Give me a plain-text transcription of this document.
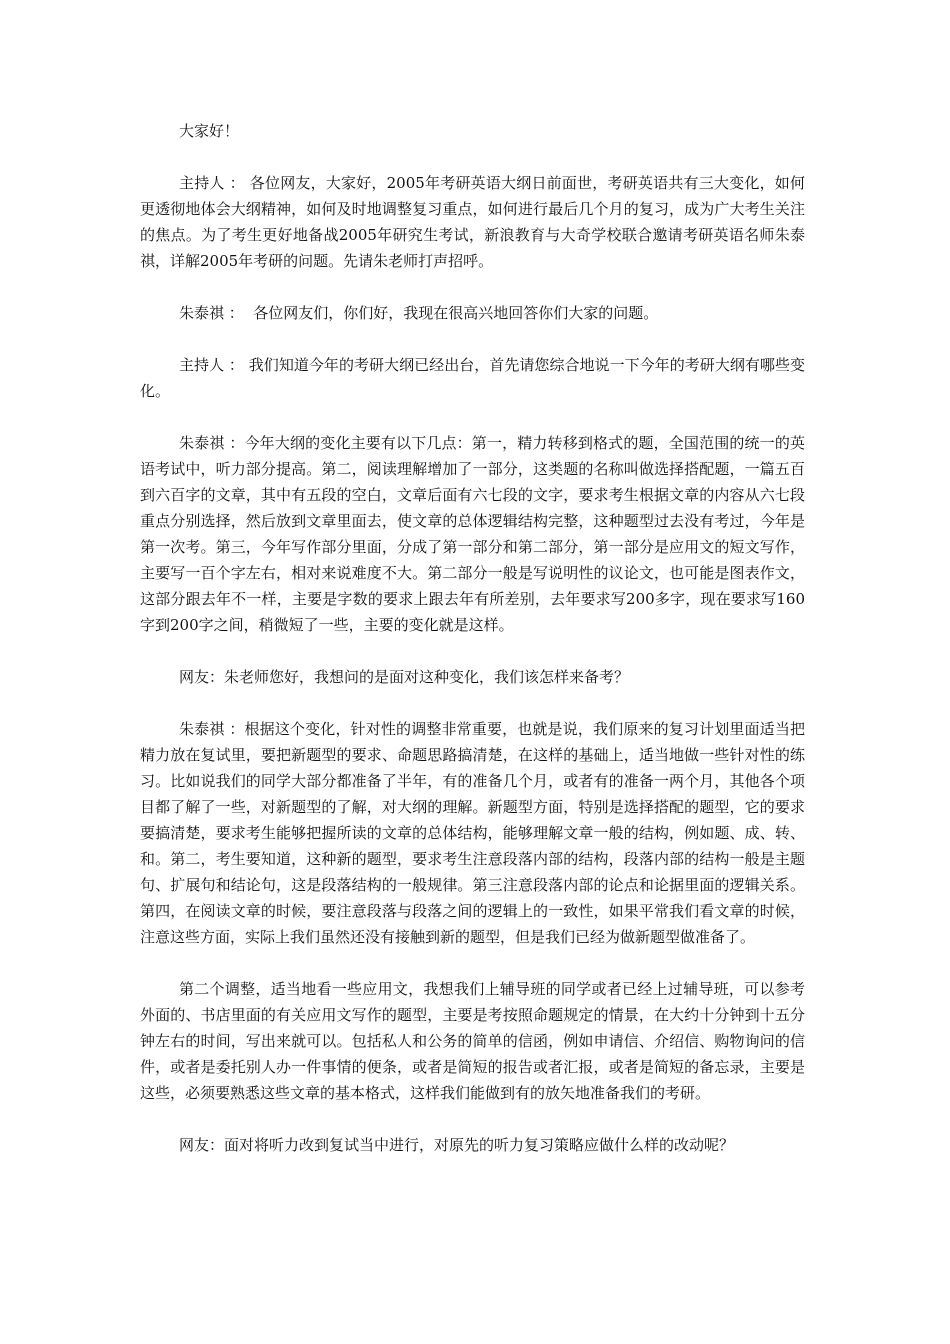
大家好！

主持人 ： 各位网友，大家好，2005年考研英语大纲日前面世，考研英语共有三大变化，如何更透彻地体会大纲精神，如何及时地调整复习重点，如何进行最后几个月的复习，成为广大考生关注的焦点。为了考生更好地备战2005年研究生考试，新浪教育与大奇学校联合邀请考研英语名师朱泰祺，详解2005年考研的问题。先请朱老师打声招呼。

朱泰祺 ：  各位网友们，你们好，我现在很高兴地回答你们大家的问题。

主持人 ： 我们知道今年的考研大纲已经出台，首先请您综合地说一下今年的考研大纲有哪些变化。

朱泰祺 ：今年大纲的变化主要有以下几点：第一，精力转移到格式的题，全国范围的统一的英语考试中，听力部分提高。第二，阅读理解增加了一部分，这类题的名称叫做选择搭配题，一篇五百到六百字的文章，其中有五段的空白，文章后面有六七段的文字，要求考生根据文章的内容从六七段重点分别选择，然后放到文章里面去，使文章的总体逻辑结构完整，这种题型过去没有考过，今年是第一次考。第三，今年写作部分里面，分成了第一部分和第二部分，第一部分是应用文的短文写作，主要写一百个字左右，相对来说难度不大。第二部分一般是写说明性的议论文，也可能是图表作文，这部分跟去年不一样，主要是字数的要求上跟去年有所差别，去年要求写200多字，现在要求写160字到200字之间，稍微短了一些，主要的变化就是这样。

网友：朱老师您好，我想问的是面对这种变化，我们该怎样来备考？

朱泰祺 ：根据这个变化，针对性的调整非常重要，也就是说，我们原来的复习计划里面适当把精力放在复试里，要把新题型的要求、命题思路搞清楚，在这样的基础上，适当地做一些针对性的练习。比如说我们的同学大部分都准备了半年，有的准备几个月，或者有的准备一两个月，其他各个项目都了解了一些，对新题型的了解，对大纲的理解。新题型方面，特别是选择搭配的题型，它的要求要搞清楚，要求考生能够把握所读的文章的总体结构，能够理解文章一般的结构，例如题、成、转、和。第二，考生要知道，这种新的题型，要求考生注意段落内部的结构，段落内部的结构一般是主题句、扩展句和结论句，这是段落结构的一般规律。第三注意段落内部的论点和论据里面的逻辑关系。第四，在阅读文章的时候，要注意段落与段落之间的逻辑上的一致性，如果平常我们看文章的时候，注意这些方面，实际上我们虽然还没有接触到新的题型，但是我们已经为做新题型做准备了。

第二个调整，适当地看一些应用文，我想我们上辅导班的同学或者已经上过辅导班，可以参考外面的、书店里面的有关应用文写作的题型，主要是考按照命题规定的情景，在大约十分钟到十五分钟左右的时间，写出来就可以。包括私人和公务的简单的信函，例如申请信、介绍信、购物询问的信件，或者是委托别人办一件事情的便条，或者是简短的报告或者汇报，或者是简短的备忘录，主要是这些，必须要熟悉这些文章的基本格式，这样我们能做到有的放矢地准备我们的考研。

网友：面对将听力改到复试当中进行，对原先的听力复习策略应做什么样的改动呢？
